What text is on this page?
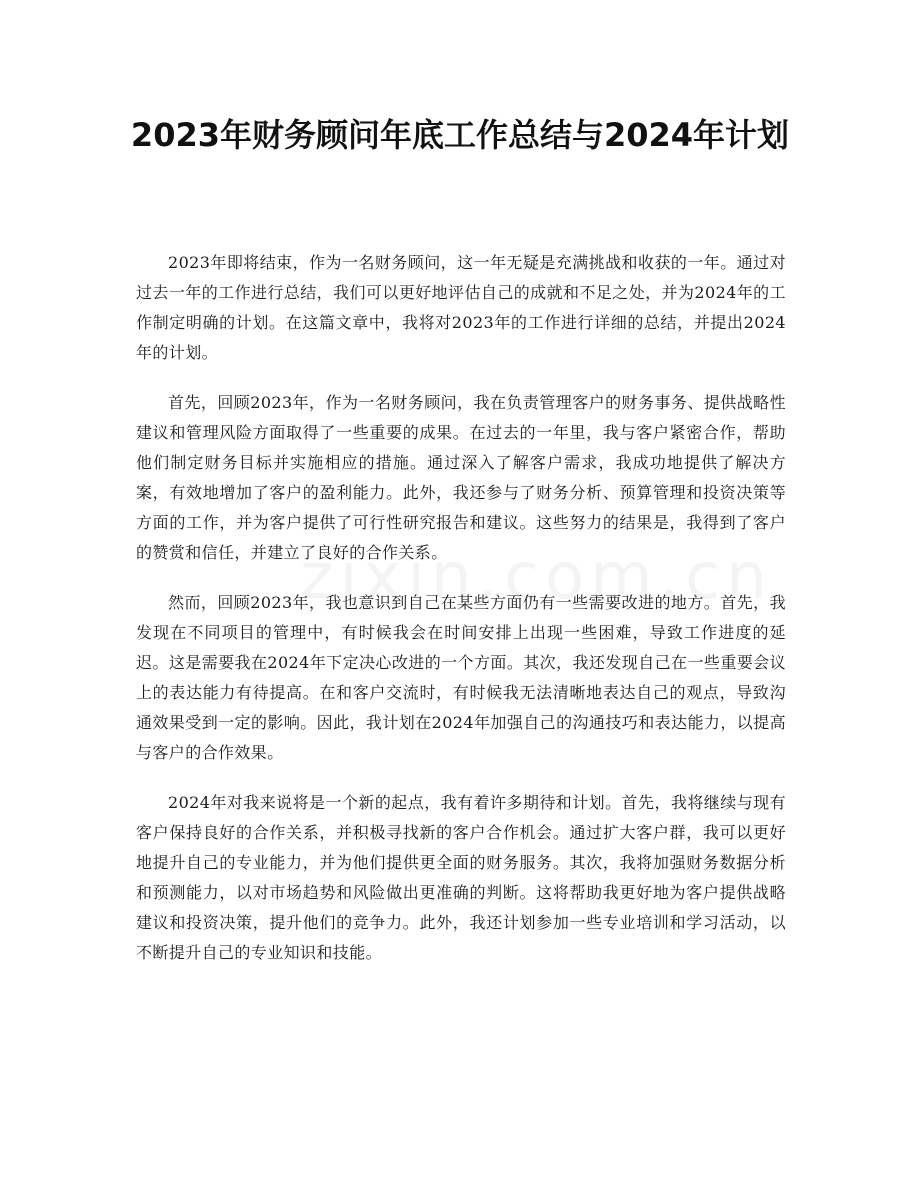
2023年财务顾问年底工作总结与2024年计划

2023年即将结束，作为一名财务顾问，这一年无疑是充满挑战和收获的一年。通过对过去一年的工作进行总结，我们可以更好地评估自己的成就和不足之处，并为2024年的工作制定明确的计划。在这篇文章中，我将对2023年的工作进行详细的总结，并提出2024年的计划。

首先，回顾2023年，作为一名财务顾问，我在负责管理客户的财务事务、提供战略性建议和管理风险方面取得了一些重要的成果。在过去的一年里，我与客户紧密合作，帮助他们制定财务目标并实施相应的措施。通过深入了解客户需求，我成功地提供了解决方案，有效地增加了客户的盈利能力。此外，我还参与了财务分析、预算管理和投资决策等方面的工作，并为客户提供了可行性研究报告和建议。这些努力的结果是，我得到了客户的赞赏和信任，并建立了良好的合作关系。

然而，回顾2023年，我也意识到自己在某些方面仍有一些需要改进的地方。首先，我发现在不同项目的管理中，有时候我会在时间安排上出现一些困难，导致工作进度的延迟。这是需要我在2024年下定决心改进的一个方面。其次，我还发现自己在一些重要会议上的表达能力有待提高。在和客户交流时，有时候我无法清晰地表达自己的观点，导致沟通效果受到一定的影响。因此，我计划在2024年加强自己的沟通技巧和表达能力，以提高与客户的合作效果。

2024年对我来说将是一个新的起点，我有着许多期待和计划。首先，我将继续与现有客户保持良好的合作关系，并积极寻找新的客户合作机会。通过扩大客户群，我可以更好地提升自己的专业能力，并为他们提供更全面的财务服务。其次，我将加强财务数据分析和预测能力，以对市场趋势和风险做出更准确的判断。这将帮助我更好地为客户提供战略建议和投资决策，提升他们的竞争力。此外，我还计划参加一些专业培训和学习活动，以不断提升自己的专业知识和技能。
